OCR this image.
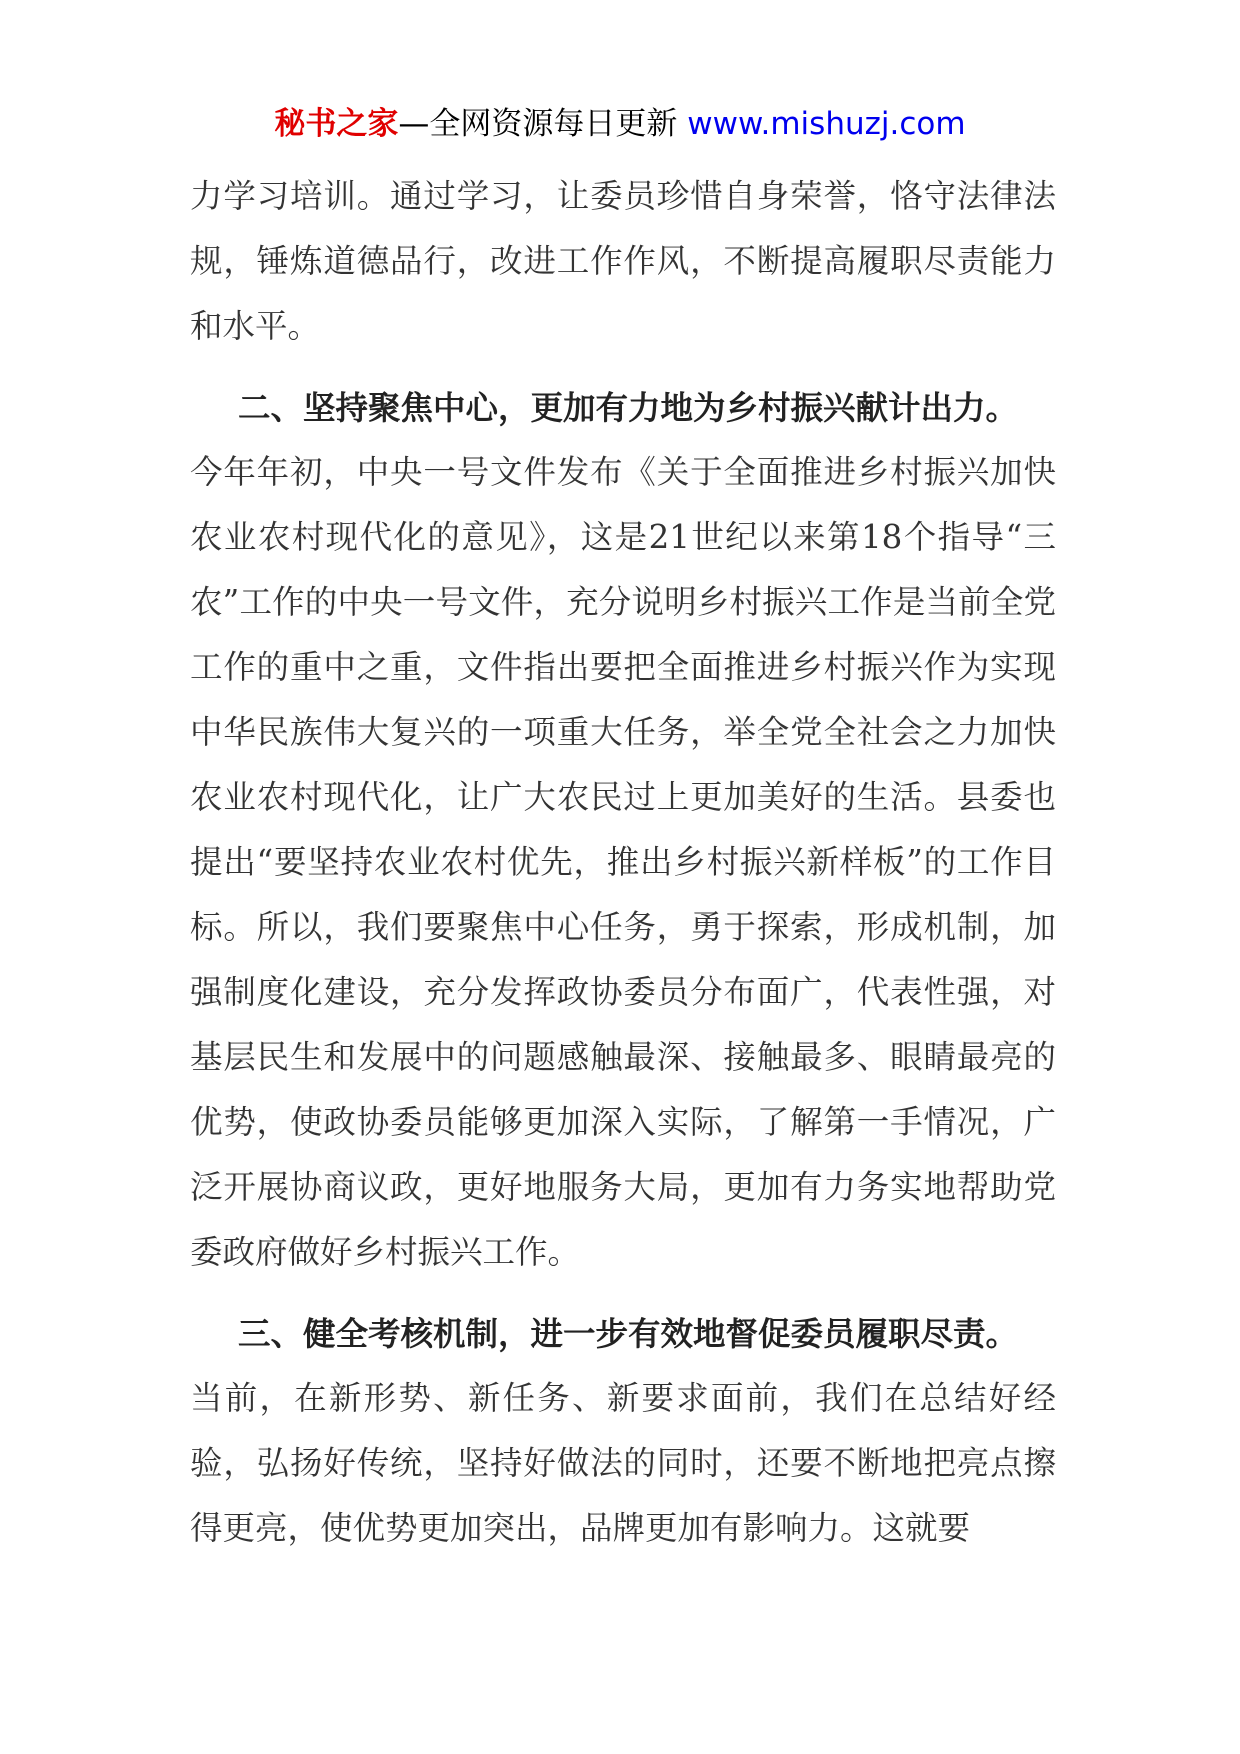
秘书之家—全网资源每日更新 www.mishuzj.com

力学习培训。通过学习，让委员珍惜自身荣誉，恪守法律法规，锤炼道德品行，改进工作作风，不断提高履职尽责能力和水平。

二、坚持聚焦中心，更加有力地为乡村振兴献计出力。

今年年初，中央一号文件发布《关于全面推进乡村振兴加快农业农村现代化的意见》，这是21世纪以来第18个指导“三农”工作的中央一号文件，充分说明乡村振兴工作是当前全党工作的重中之重，文件指出要把全面推进乡村振兴作为实现中华民族伟大复兴的一项重大任务，举全党全社会之力加快农业农村现代化，让广大农民过上更加美好的生活。县委也提出“要坚持农业农村优先，推出乡村振兴新样板”的工作目标。所以，我们要聚焦中心任务，勇于探索，形成机制，加强制度化建设，充分发挥政协委员分布面广，代表性强，对基层民生和发展中的问题感触最深、接触最多、眼睛最亮的优势，使政协委员能够更加深入实际，了解第一手情况，广泛开展协商议政，更好地服务大局，更加有力务实地帮助党委政府做好乡村振兴工作。

三、健全考核机制，进一步有效地督促委员履职尽责。

当前，在新形势、新任务、新要求面前，我们在总结好经验，弘扬好传统，坚持好做法的同时，还要不断地把亮点擦得更亮，使优势更加突出，品牌更加有影响力。这就要
